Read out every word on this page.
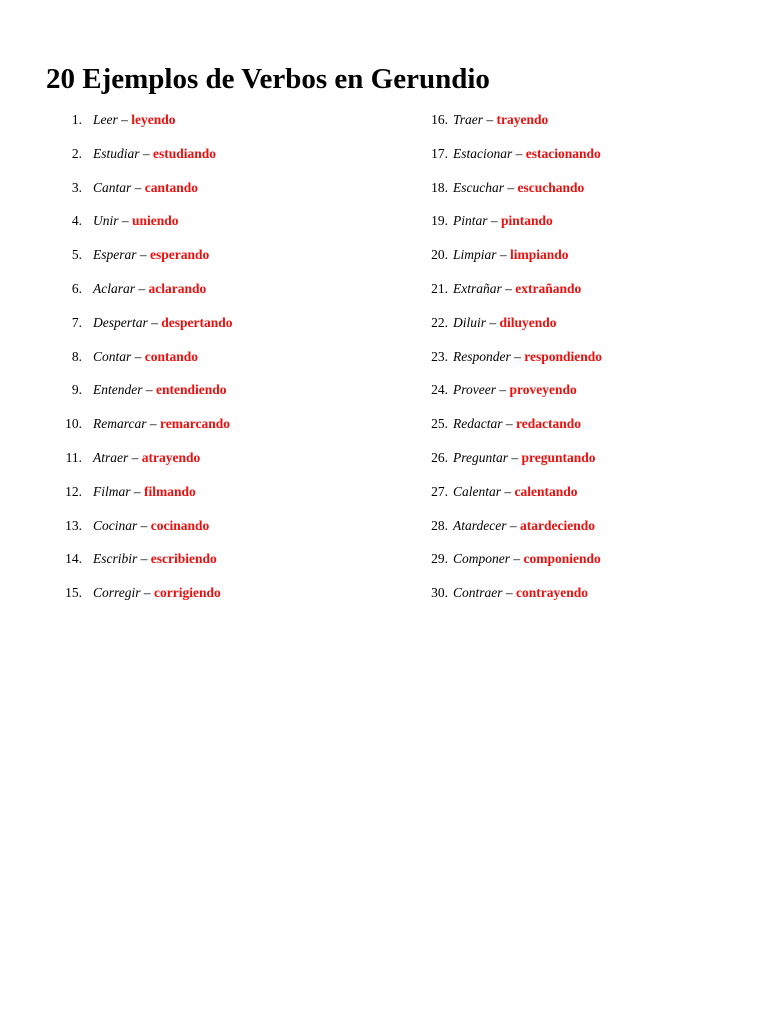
20 Ejemplos de Verbos en Gerundio
1. Leer – leyendo
2. Estudiar – estudiando
3. Cantar – cantando
4. Unir – uniendo
5. Esperar – esperando
6. Aclarar – aclarando
7. Despertar – despertando
8. Contar – contando
9. Entender – entendiendo
10. Remarcar – remarcando
11. Atraer – atrayendo
12. Filmar – filmando
13. Cocinar – cocinando
14. Escribir – escribiendo
15. Corregir – corrigiendo
16. Traer – trayendo
17. Estacionar – estacionando
18. Escuchar – escuchando
19. Pintar – pintando
20. Limpiar – limpiando
21. Extrañar – extrañando
22. Diluir – diluyendo
23. Responder – respondiendo
24. Proveer – proveyendo
25. Redactar – redactando
26. Preguntar – preguntando
27. Calentar – calentando
28. Atardecer – atardeciendo
29. Componer – componiendo
30. Contraer – contrayendo
